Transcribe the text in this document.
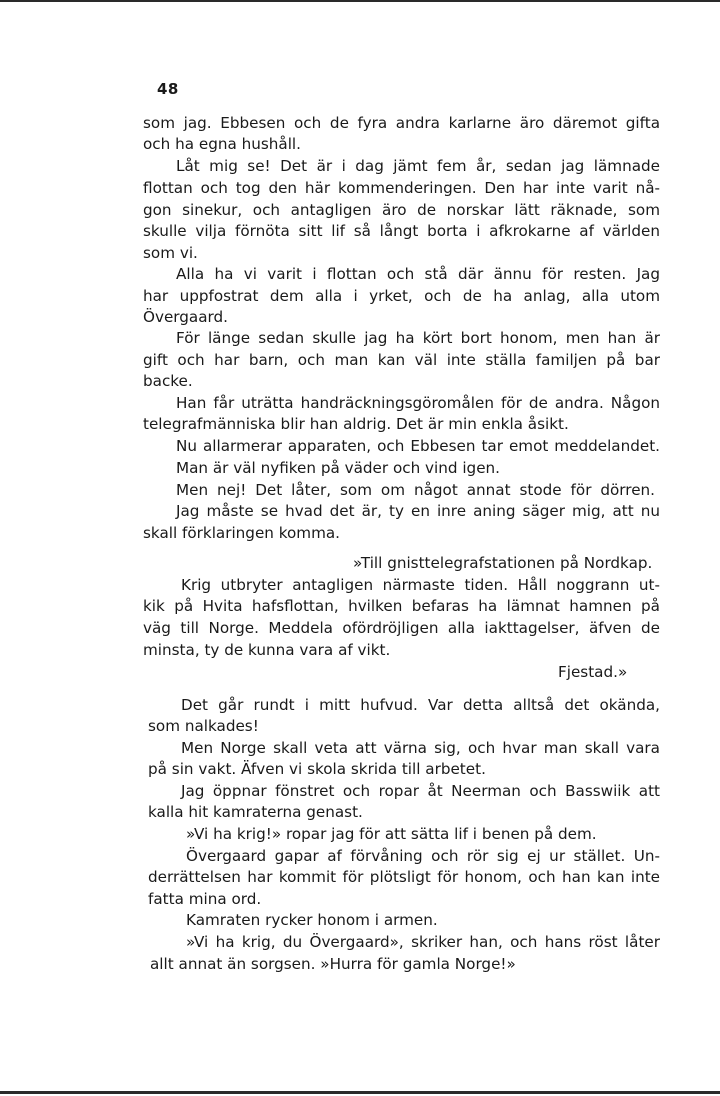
48
som jag. Ebbesen och de fyra andra karlarne äro däremot gifta
och ha egna hushåll.
Låt mig se! Det är i dag jämt fem år, sedan jag lämnade
flottan och tog den här kommenderingen. Den har inte varit nå-
gon sinekur, och antagligen äro de norskar lätt räknade, som
skulle vilja förnöta sitt lif så långt borta i afkrokarne af världen
som vi.
Alla ha vi varit i flottan och stå där ännu för resten. Jag
har uppfostrat dem alla i yrket, och de ha anlag, alla utom
Övergaard.
För länge sedan skulle jag ha kört bort honom, men han är
gift och har barn, och man kan väl inte ställa familjen på bar
backe.
Han får uträtta handräckningsgöromålen för de andra. Någon
telegrafmänniska blir han aldrig. Det är min enkla åsikt.
Nu allarmerar apparaten, och Ebbesen tar emot meddelandet.
Man är väl nyfiken på väder och vind igen.
Men nej! Det låter, som om något annat stode för dörren.
Jag måste se hvad det är, ty en inre aning säger mig, att nu
skall förklaringen komma.
»Till gnisttelegrafstationen på Nordkap.
Krig utbryter antagligen närmaste tiden. Håll noggrann ut-
kik på Hvita hafsflottan, hvilken befaras ha lämnat hamnen på
väg till Norge. Meddela ofördröjligen alla iakttagelser, äfven de
minsta, ty de kunna vara af vikt.
Fjestad.»
Det går rundt i mitt hufvud. Var detta alltså det okända,
som nalkades!
Men Norge skall veta att värna sig, och hvar man skall vara
på sin vakt. Äfven vi skola skrida till arbetet.
Jag öppnar fönstret och ropar åt Neerman och Basswiik att
kalla hit kamraterna genast.
»Vi ha krig!» ropar jag för att sätta lif i benen på dem.
Övergaard gapar af förvåning och rör sig ej ur stället. Un-
derrättelsen har kommit för plötsligt för honom, och han kan inte
fatta mina ord.
Kamraten rycker honom i armen.
»Vi ha krig, du Övergaard», skriker han, och hans röst låter
allt annat än sorgsen. »Hurra för gamla Norge!»
